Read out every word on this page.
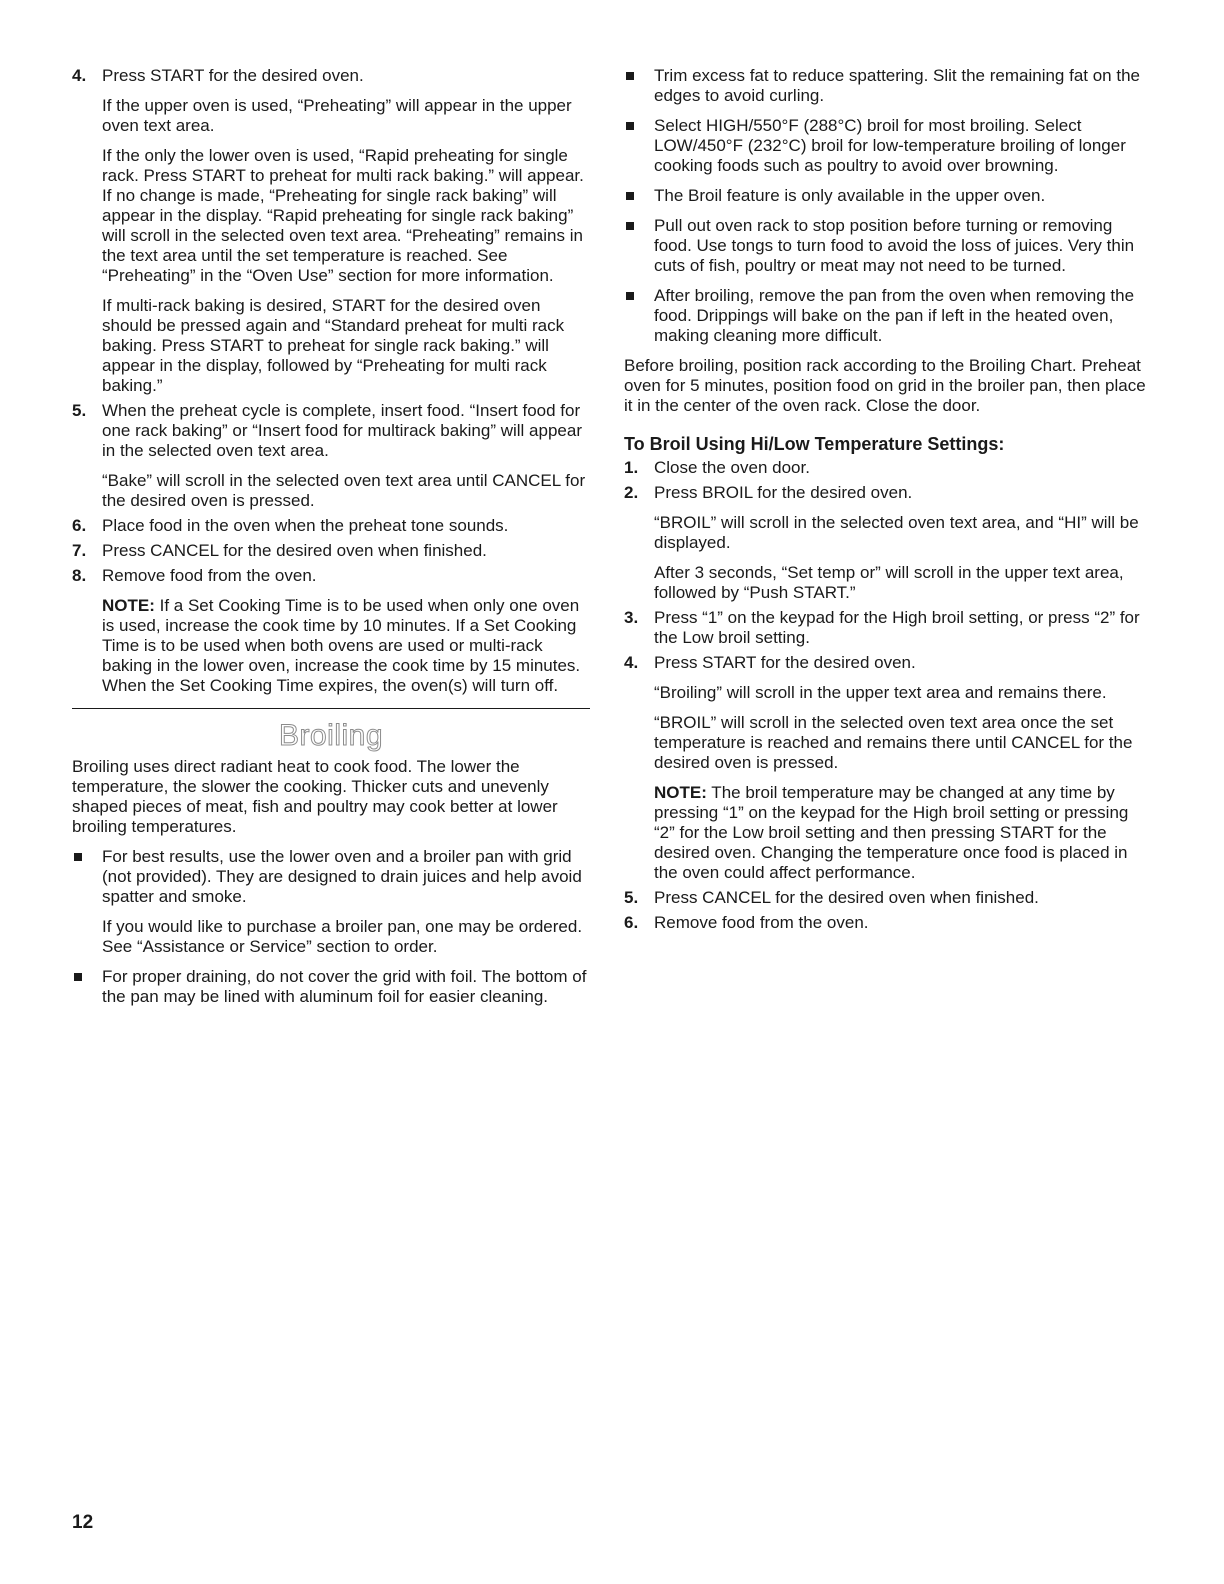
4. Press START for the desired oven.

If the upper oven is used, “Preheating” will appear in the upper oven text area.

If the only the lower oven is used, “Rapid preheating for single rack. Press START to preheat for multi rack baking.” will appear. If no change is made, “Preheating for single rack baking” will appear in the display. “Rapid preheating for single rack baking” will scroll in the selected oven text area. “Preheating” remains in the text area until the set temperature is reached. See “Preheating” in the “Oven Use” section for more information.

If multi-rack baking is desired, START for the desired oven should be pressed again and “Standard preheat for multi rack baking. Press START to preheat for single rack baking.” will appear in the display, followed by “Preheating for multi rack baking.”

5. When the preheat cycle is complete, insert food. “Insert food for one rack baking” or “Insert food for multirack baking” will appear in the selected oven text area.

“Bake” will scroll in the selected oven text area until CANCEL for the desired oven is pressed.

6. Place food in the oven when the preheat tone sounds.

7. Press CANCEL for the desired oven when finished.

8. Remove food from the oven.

NOTE: If a Set Cooking Time is to be used when only one oven is used, increase the cook time by 10 minutes. If a Set Cooking Time is to be used when both ovens are used or multi-rack baking in the lower oven, increase the cook time by 15 minutes. When the Set Cooking Time expires, the oven(s) will turn off.

Broiling

Broiling uses direct radiant heat to cook food. The lower the temperature, the slower the cooking. Thicker cuts and unevenly shaped pieces of meat, fish and poultry may cook better at lower broiling temperatures.

For best results, use the lower oven and a broiler pan with grid (not provided). They are designed to drain juices and help avoid spatter and smoke.

If you would like to purchase a broiler pan, one may be ordered. See “Assistance or Service” section to order.

For proper draining, do not cover the grid with foil. The bottom of the pan may be lined with aluminum foil for easier cleaning.
Trim excess fat to reduce spattering. Slit the remaining fat on the edges to avoid curling.
Select HIGH/550°F (288°C) broil for most broiling. Select LOW/450°F (232°C) broil for low-temperature broiling of longer cooking foods such as poultry to avoid over browning.
The Broil feature is only available in the upper oven.
Pull out oven rack to stop position before turning or removing food. Use tongs to turn food to avoid the loss of juices. Very thin cuts of fish, poultry or meat may not need to be turned.
After broiling, remove the pan from the oven when removing the food. Drippings will bake on the pan if left in the heated oven, making cleaning more difficult.

Before broiling, position rack according to the Broiling Chart. Preheat oven for 5 minutes, position food on grid in the broiler pan, then place it in the center of the oven rack. Close the door.

To Broil Using Hi/Low Temperature Settings:
1. Close the oven door.

2. Press BROIL for the desired oven.

“BROIL” will scroll in the selected oven text area, and “HI” will be displayed.

After 3 seconds, “Set temp or” will scroll in the upper text area, followed by “Push START.”

3. Press “1” on the keypad for the High broil setting, or press “2” for the Low broil setting.

4. Press START for the desired oven.

“Broiling” will scroll in the upper text area and remains there.

“BROIL” will scroll in the selected oven text area once the set temperature is reached and remains there until CANCEL for the desired oven is pressed.

NOTE: The broil temperature may be changed at any time by pressing “1” on the keypad for the High broil setting or pressing “2” for the Low broil setting and then pressing START for the desired oven. Changing the temperature once food is placed in the oven could affect performance.

5. Press CANCEL for the desired oven when finished.

6. Remove food from the oven.

12
